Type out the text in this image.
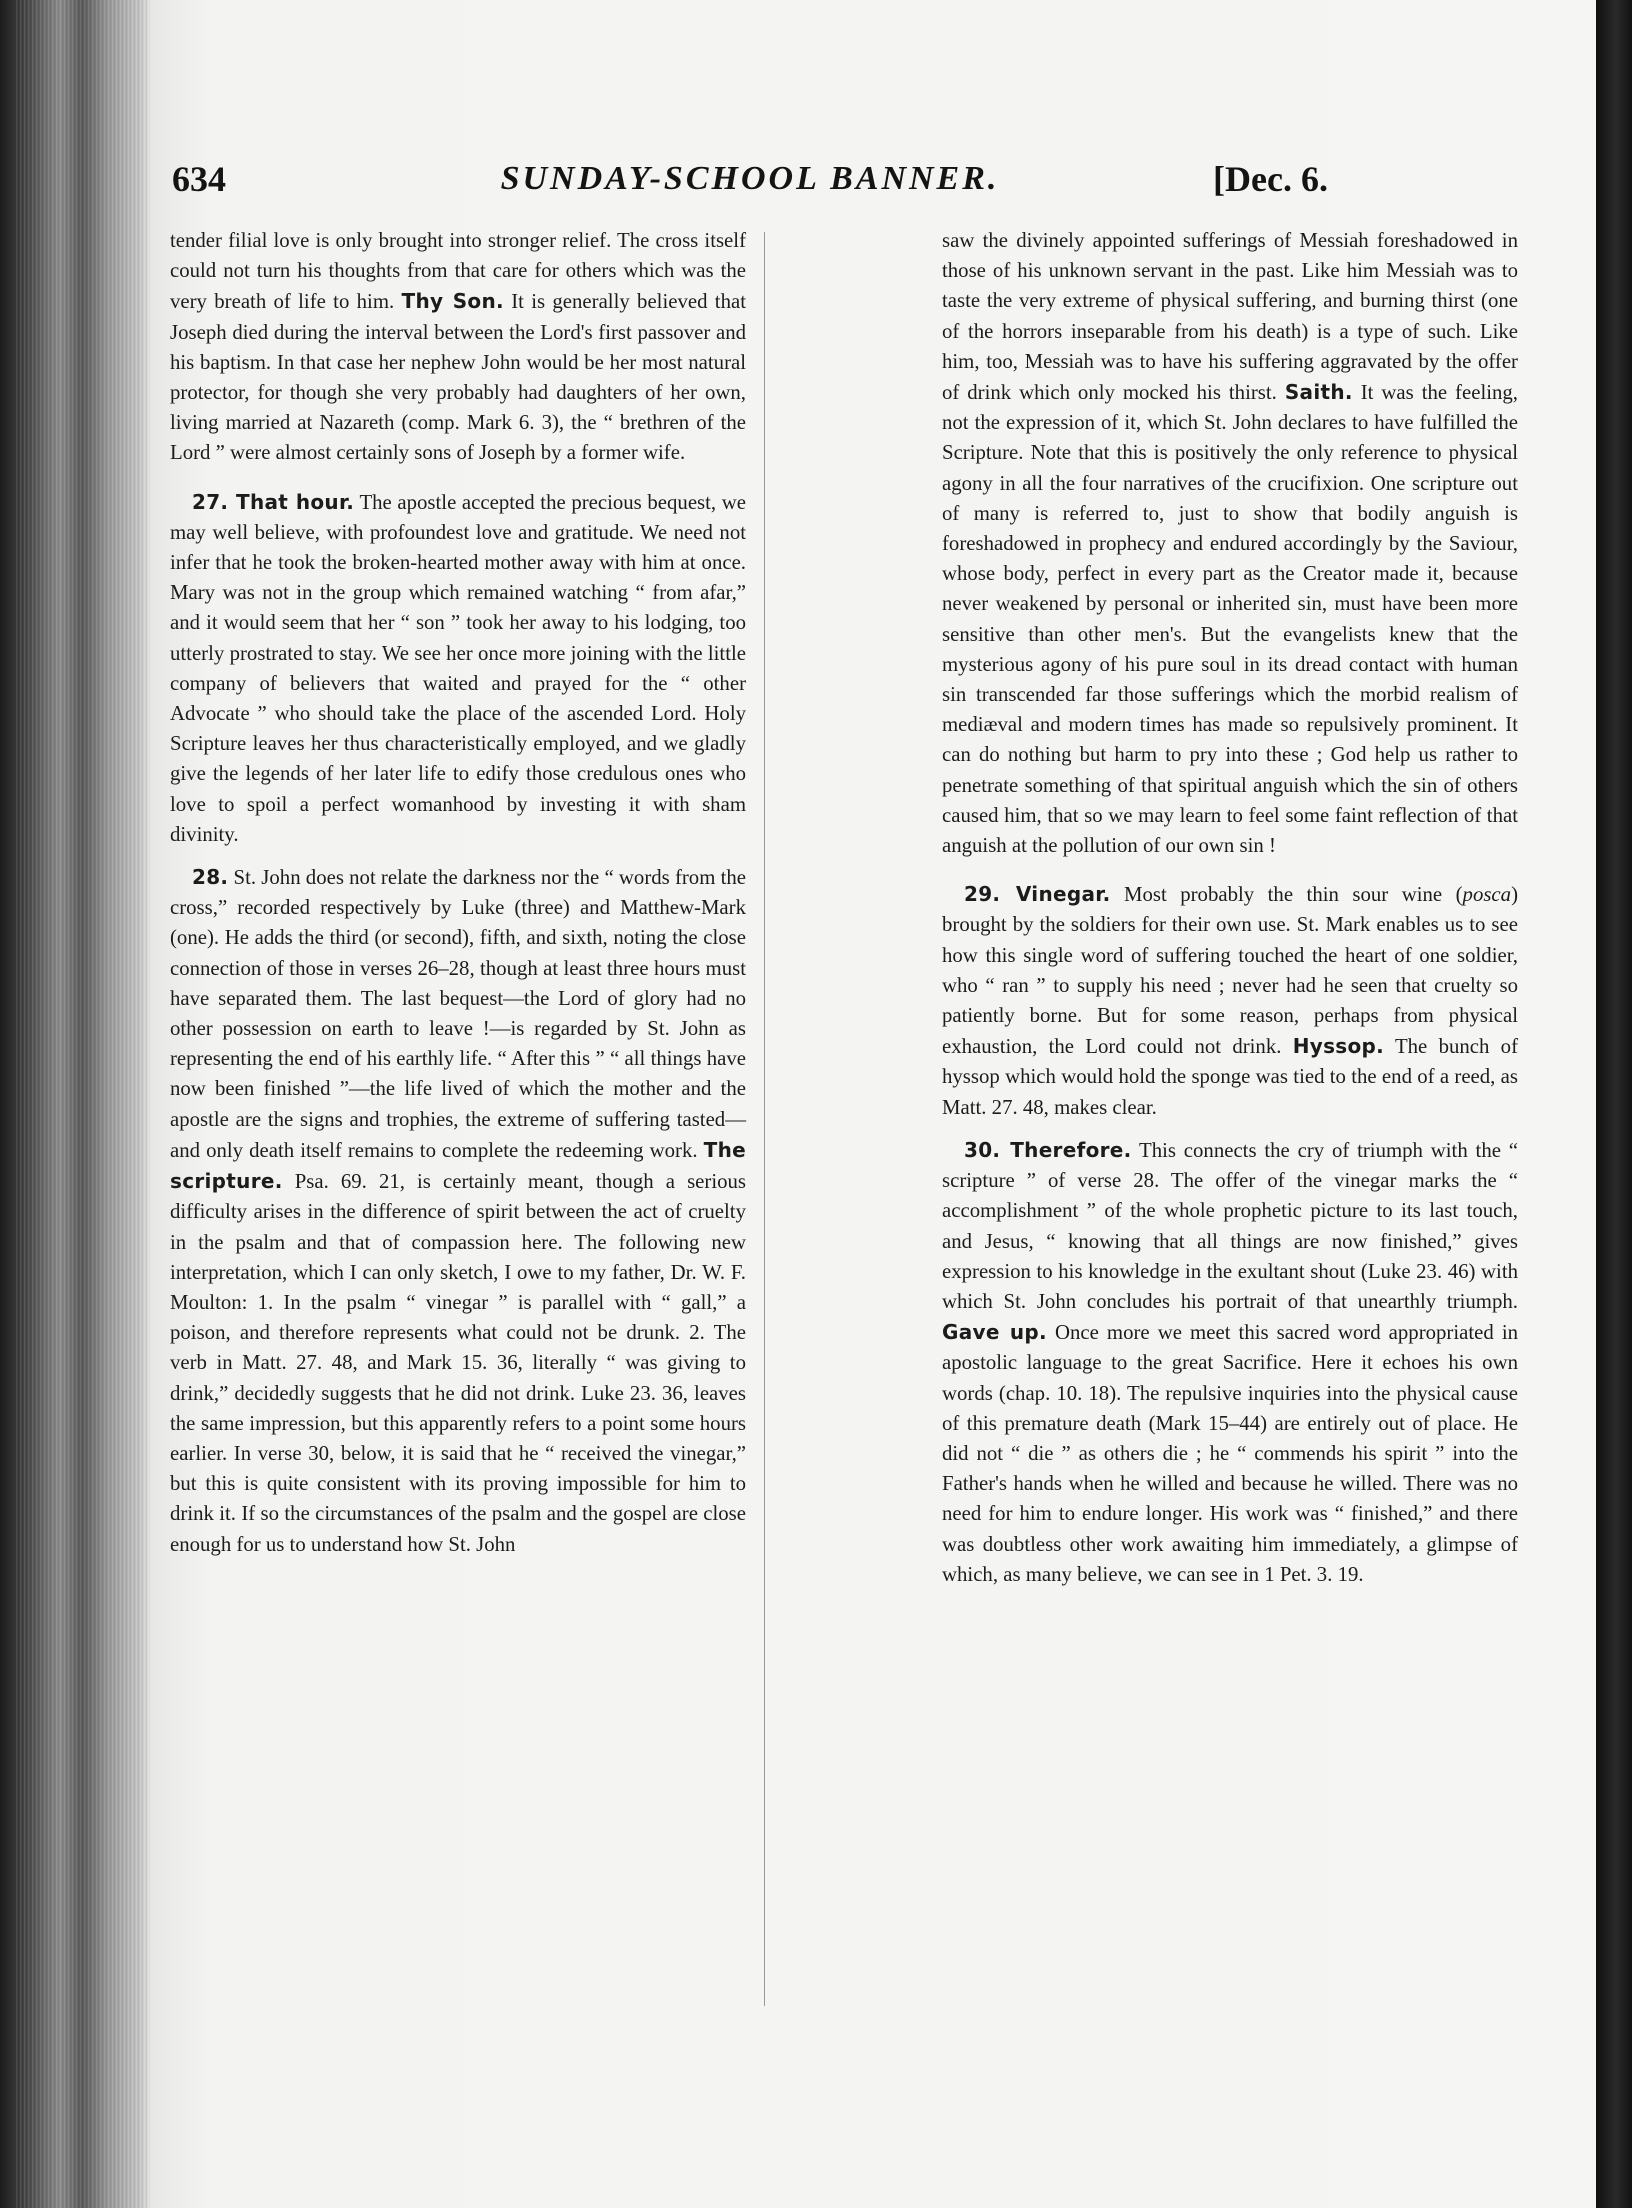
634	SUNDAY-SCHOOL BANNER.	[Dec. 6.

tender filial love is only brought into stronger relief. The cross itself could not turn his thoughts from that care for others which was the very breath of life to him. Thy Son. It is generally believed that Joseph died during the interval between the Lord's first passover and his baptism. In that case her nephew John would be her most natural protector, for though she very probably had daughters of her own, living married at Nazareth (comp. Mark 6. 3), the “ brethren of the Lord ” were almost certainly sons of Joseph by a former wife.

27. That hour. The apostle accepted the precious bequest, we may well believe, with profoundest love and gratitude. We need not infer that he took the broken-hearted mother away with him at once. Mary was not in the group which remained watching “ from afar,” and it would seem that her “ son ” took her away to his lodging, too utterly prostrated to stay. We see her once more joining with the little company of believers that waited and prayed for the “ other Advocate ” who should take the place of the ascended Lord. Holy Scripture leaves her thus characteristically employed, and we gladly give the legends of her later life to edify those credulous ones who love to spoil a perfect womanhood by investing it with sham divinity.

28. St. John does not relate the darkness nor the “ words from the cross,” recorded respectively by Luke (three) and Matthew-Mark (one). He adds the third (or second), fifth, and sixth, noting the close connection of those in verses 26–28, though at least three hours must have separated them. The last bequest—the Lord of glory had no other possession on earth to leave !—is regarded by St. John as representing the end of his earthly life. “ After this ” “ all things have now been finished ”—the life lived of which the mother and the apostle are the signs and trophies, the extreme of suffering tasted—and only death itself remains to complete the redeeming work. The scripture. Psa. 69. 21, is certainly meant, though a serious difficulty arises in the difference of spirit between the act of cruelty in the psalm and that of compassion here. The following new interpretation, which I can only sketch, I owe to my father, Dr. W. F. Moulton: 1. In the psalm “ vinegar ” is parallel with “ gall,” a poison, and therefore represents what could not be drunk. 2. The verb in Matt. 27. 48, and Mark 15. 36, literally “ was giving to drink,” decidedly suggests that he did not drink. Luke 23. 36, leaves the same impression, but this apparently refers to a point some hours earlier. In verse 30, below, it is said that he “ received the vinegar,” but this is quite consistent with its proving impossible for him to drink it. If so the circumstances of the psalm and the gospel are close enough for us to understand how St. John

saw the divinely appointed sufferings of Messiah foreshadowed in those of his unknown servant in the past. Like him Messiah was to taste the very extreme of physical suffering, and burning thirst (one of the horrors inseparable from his death) is a type of such. Like him, too, Messiah was to have his suffering aggravated by the offer of drink which only mocked his thirst. Saith. It was the feeling, not the expression of it, which St. John declares to have fulfilled the Scripture. Note that this is positively the only reference to physical agony in all the four narratives of the crucifixion. One scripture out of many is referred to, just to show that bodily anguish is foreshadowed in prophecy and endured accordingly by the Saviour, whose body, perfect in every part as the Creator made it, because never weakened by personal or inherited sin, must have been more sensitive than other men's. But the evangelists knew that the mysterious agony of his pure soul in its dread contact with human sin transcended far those sufferings which the morbid realism of mediæval and modern times has made so repulsively prominent. It can do nothing but harm to pry into these ; God help us rather to penetrate something of that spiritual anguish which the sin of others caused him, that so we may learn to feel some faint reflection of that anguish at the pollution of our own sin !

29. Vinegar. Most probably the thin sour wine (posca) brought by the soldiers for their own use. St. Mark enables us to see how this single word of suffering touched the heart of one soldier, who “ ran ” to supply his need ; never had he seen that cruelty so patiently borne. But for some reason, perhaps from physical exhaustion, the Lord could not drink. Hyssop. The bunch of hyssop which would hold the sponge was tied to the end of a reed, as Matt. 27. 48, makes clear.

30. Therefore. This connects the cry of triumph with the “ scripture ” of verse 28. The offer of the vinegar marks the “ accomplishment ” of the whole prophetic picture to its last touch, and Jesus, “ knowing that all things are now finished,” gives expression to his knowledge in the exultant shout (Luke 23. 46) with which St. John concludes his portrait of that unearthly triumph. Gave up. Once more we meet this sacred word appropriated in apostolic language to the great Sacrifice. Here it echoes his own words (chap. 10. 18). The repulsive inquiries into the physical cause of this premature death (Mark 15–44) are entirely out of place. He did not “ die ” as others die ; he “ commends his spirit ” into the Father's hands when he willed and because he willed. There was no need for him to endure longer. His work was “ finished,” and there was doubtless other work awaiting him immediately, a glimpse of which, as many believe, we can see in 1 Pet. 3. 19.
